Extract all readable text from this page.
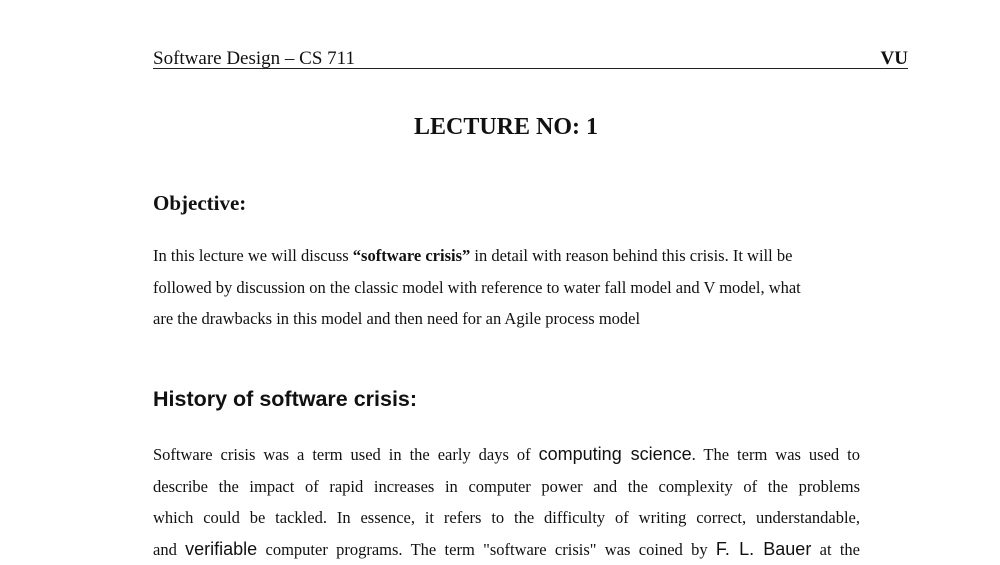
Software Design – CS 711	VU
LECTURE NO: 1
Objective:
In this lecture we will discuss “software crisis” in detail with reason behind this crisis. It will be
followed by discussion on the classic model with reference to water fall model and V model, what
are the drawbacks in this model and then need for an Agile process model
History of software crisis:
Software crisis was a term used in the early days of computing science. The term was used to
describe the impact of rapid increases in computer power and the complexity of the problems
which could be tackled. In essence, it refers to the difficulty of writing correct, understandable,
and verifiable computer programs. The term "software crisis" was coined by F. L. Bauer at the
